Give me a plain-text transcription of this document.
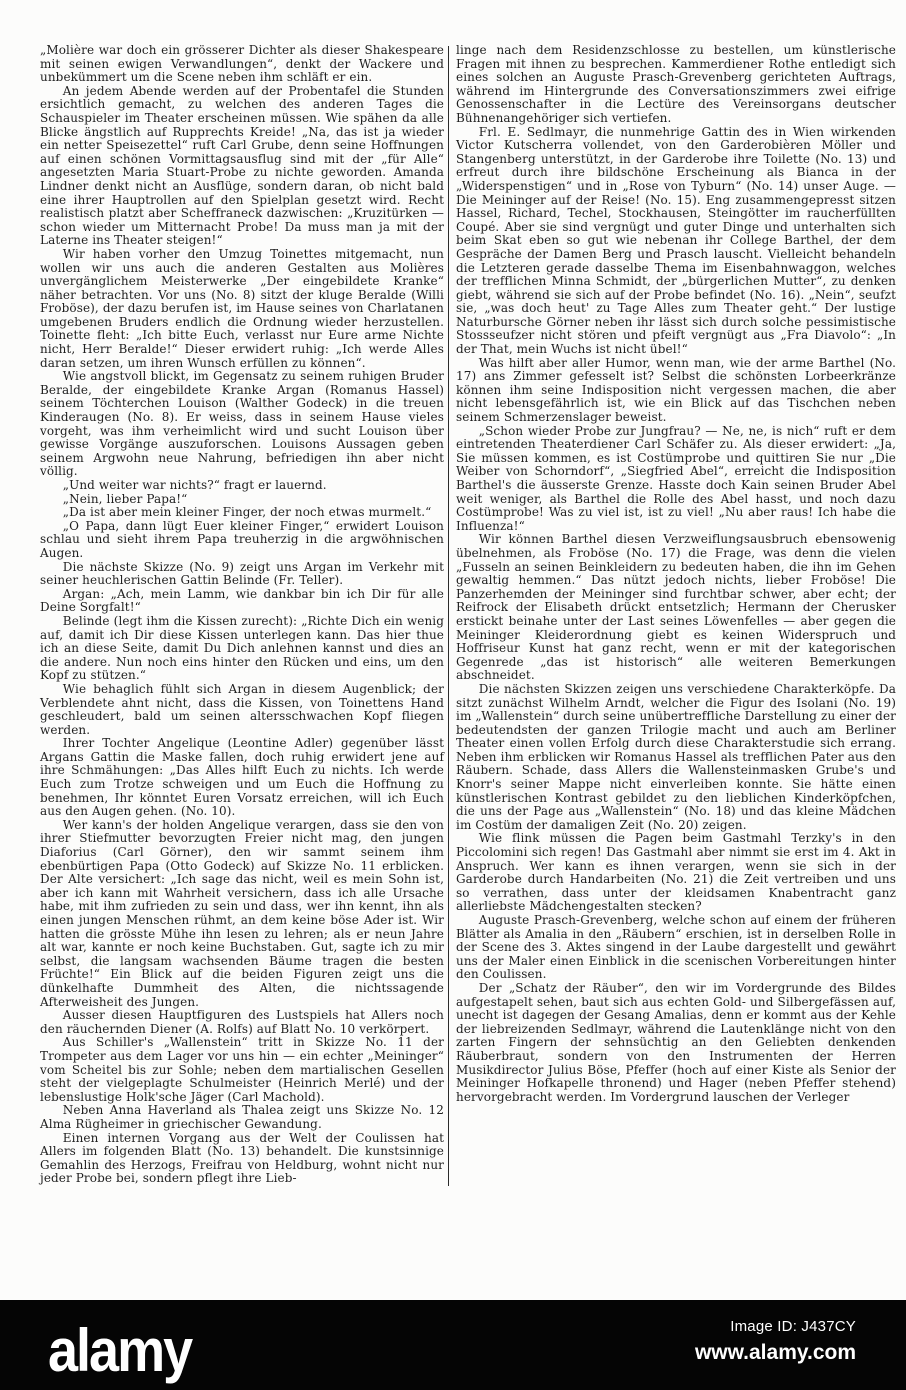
„Molière war doch ein grösserer Dichter als dieser Shakespeare mit seinen ewigen Verwandlungen“, denkt der Wackere und unbekümmert um die Scene neben ihm schläft er ein.

An jedem Abende werden auf der Probentafel die Stunden ersichtlich gemacht, zu welchen des anderen Tages die Schauspieler im Theater erscheinen müssen. Wie spähen da alle Blicke ängstlich auf Rupprechts Kreide! „Na, das ist ja wieder ein netter Speisezettel“ ruft Carl Grube, denn seine Hoffnungen auf einen schönen Vormittagsausflug sind mit der „für Alle“ angesetzten Maria Stuart-Probe zu nichte geworden. Amanda Lindner denkt nicht an Ausflüge, sondern daran, ob nicht bald eine ihrer Hauptrollen auf den Spielplan gesetzt wird. Recht realistisch platzt aber Scheffraneck dazwischen: „Kruzitürken — schon wieder um Mitternacht Probe! Da muss man ja mit der Laterne ins Theater steigen!“

Wir haben vorher den Umzug Toinettes mitgemacht, nun wollen wir uns auch die anderen Gestalten aus Molières unvergänglichem Meisterwerke „Der eingebildete Kranke“ näher betrachten. Vor uns (No. 8) sitzt der kluge Beralde (Willi Froböse), der dazu berufen ist, im Hause seines von Charlatanen umgebenen Bruders endlich die Ordnung wieder herzustellen. Toinette fleht: „Ich bitte Euch, verlasst nur Eure arme Nichte nicht, Herr Beralde!“ Dieser erwidert ruhig: „Ich werde Alles daran setzen, um ihren Wunsch erfüllen zu können“.

Wie angstvoll blickt, im Gegensatz zu seinem ruhigen Bruder Beralde, der eingebildete Kranke Argan (Romanus Hassel) seinem Töchterchen Louison (Walther Godeck) in die treuen Kinderaugen (No. 8). Er weiss, dass in seinem Hause vieles vorgeht, was ihm verheimlicht wird und sucht Louison über gewisse Vorgänge auszuforschen. Louisons Aussagen geben seinem Argwohn neue Nahrung, befriedigen ihn aber nicht völlig.

„Und weiter war nichts?“ fragt er lauernd.

„Nein, lieber Papa!“

„Da ist aber mein kleiner Finger, der noch etwas murmelt.“

„O Papa, dann lügt Euer kleiner Finger,“ erwidert Louison schlau und sieht ihrem Papa treuherzig in die argwöhnischen Augen.

Die nächste Skizze (No. 9) zeigt uns Argan im Verkehr mit seiner heuchlerischen Gattin Belinde (Fr. Teller).

Argan: „Ach, mein Lamm, wie dankbar bin ich Dir für alle Deine Sorgfalt!“

Belinde (legt ihm die Kissen zurecht): „Richte Dich ein wenig auf, damit ich Dir diese Kissen unterlegen kann. Das hier thue ich an diese Seite, damit Du Dich anlehnen kannst und dies an die andere. Nun noch eins hinter den Rücken und eins, um den Kopf zu stützen.“

Wie behaglich fühlt sich Argan in diesem Augenblick; der Verblendete ahnt nicht, dass die Kissen, von Toinettens Hand geschleudert, bald um seinen altersschwachen Kopf fliegen werden.

Ihrer Tochter Angelique (Leontine Adler) gegenüber lässt Argans Gattin die Maske fallen, doch ruhig erwidert jene auf ihre Schmähungen: „Das Alles hilft Euch zu nichts. Ich werde Euch zum Trotze schweigen und um Euch die Hoffnung zu benehmen, Ihr könntet Euren Vorsatz erreichen, will ich Euch aus den Augen gehen. (No. 10).

Wer kann's der holden Angelique verargen, dass sie den von ihrer Stiefmutter bevorzugten Freier nicht mag, den jungen Diaforius (Carl Görner), den wir sammt seinem ihm ebenbürtigen Papa (Otto Godeck) auf Skizze No. 11 erblicken. Der Alte versichert: „Ich sage das nicht, weil es mein Sohn ist, aber ich kann mit Wahrheit versichern, dass ich alle Ursache habe, mit ihm zufrieden zu sein und dass, wer ihn kennt, ihn als einen jungen Menschen rühmt, an dem keine böse Ader ist. Wir hatten die grösste Mühe ihn lesen zu lehren; als er neun Jahre alt war, kannte er noch keine Buchstaben. Gut, sagte ich zu mir selbst, die langsam wachsenden Bäume tragen die besten Früchte!“ Ein Blick auf die beiden Figuren zeigt uns die dünkelhafte Dummheit des Alten, die nichtssagende Afterweisheit des Jungen.

Ausser diesen Hauptfiguren des Lustspiels hat Allers noch den räuchernden Diener (A. Rolfs) auf Blatt No. 10 verkörpert.

Aus Schiller's „Wallenstein“ tritt in Skizze No. 11 der Trompeter aus dem Lager vor uns hin — ein echter „Meininger“ vom Scheitel bis zur Sohle; neben dem martialischen Gesellen steht der vielgeplagte Schulmeister (Heinrich Merlé) und der lebenslustige Holk'sche Jäger (Carl Machold).

Neben Anna Haverland als Thalea zeigt uns Skizze No. 12 Alma Rügheimer in griechischer Gewandung.

Einen internen Vorgang aus der Welt der Coulissen hat Allers im folgenden Blatt (No. 13) behandelt. Die kunstsinnige Gemahlin des Herzogs, Freifrau von Heldburg, wohnt nicht nur jeder Probe bei, sondern pflegt ihre Lieb-

linge nach dem Residenzschlosse zu bestellen, um künstlerische Fragen mit ihnen zu besprechen. Kammerdiener Rothe entledigt sich eines solchen an Auguste Prasch-Grevenberg gerichteten Auftrags, während im Hintergrunde des Conversationszimmers zwei eifrige Genossenschafter in die Lectüre des Vereinsorgans deutscher Bühnenangehöriger sich vertiefen.

Frl. E. Sedlmayr, die nunmehrige Gattin des in Wien wirkenden Victor Kutscherra vollendet, von den Garderobièren Möller und Stangenberg unterstützt, in der Garderobe ihre Toilette (No. 13) und erfreut durch ihre bildschöne Erscheinung als Bianca in der „Widerspenstigen“ und in „Rose von Tyburn“ (No. 14) unser Auge. — Die Meininger auf der Reise! (No. 15). Eng zusammengepresst sitzen Hassel, Richard, Techel, Stockhausen, Steingötter im raucherfüllten Coupé. Aber sie sind vergnügt und guter Dinge und unterhalten sich beim Skat eben so gut wie nebenan ihr College Barthel, der dem Gespräche der Damen Berg und Prasch lauscht. Vielleicht behandeln die Letzteren gerade dasselbe Thema im Eisenbahnwaggon, welches der trefflichen Minna Schmidt, der „bürgerlichen Mutter“, zu denken giebt, während sie sich auf der Probe befindet (No. 16). „Nein“, seufzt sie, „was doch heut' zu Tage Alles zum Theater geht.“ Der lustige Naturbursche Görner neben ihr lässt sich durch solche pessimistische Stossseufzer nicht stören und pfeift vergnügt aus „Fra Diavolo“: „In der That, mein Wuchs ist nicht übel!“

Was hilft aber aller Humor, wenn man, wie der arme Barthel (No. 17) ans Zimmer gefesselt ist? Selbst die schönsten Lorbeerkränze können ihm seine Indisposition nicht vergessen machen, die aber nicht lebensgefährlich ist, wie ein Blick auf das Tischchen neben seinem Schmerzenslager beweist.

„Schon wieder Probe zur Jungfrau? — Ne, ne, is nich“ ruft er dem eintretenden Theaterdiener Carl Schäfer zu. Als dieser erwidert: „Ja, Sie müssen kommen, es ist Costümprobe und quittiren Sie nur „Die Weiber von Schorndorf“, „Siegfried Abel“, erreicht die Indisposition Barthel's die äusserste Grenze. Hasste doch Kain seinen Bruder Abel weit weniger, als Barthel die Rolle des Abel hasst, und noch dazu Costümprobe! Was zu viel ist, ist zu viel! „Nu aber raus! Ich habe die Influenza!“

Wir können Barthel diesen Verzweiflungsausbruch ebensowenig übelnehmen, als Froböse (No. 17) die Frage, was denn die vielen „Fusseln an seinen Beinkleidern zu bedeuten haben, die ihn im Gehen gewaltig hemmen.“ Das nützt jedoch nichts, lieber Froböse! Die Panzerhemden der Meininger sind furchtbar schwer, aber echt; der Reifrock der Elisabeth drückt entsetzlich; Hermann der Cherusker erstickt beinahe unter der Last seines Löwenfelles — aber gegen die Meininger Kleiderordnung giebt es keinen Widerspruch und Hoffriseur Kunst hat ganz recht, wenn er mit der kategorischen Gegenrede „das ist historisch“ alle weiteren Bemerkungen abschneidet.

Die nächsten Skizzen zeigen uns verschiedene Charakterköpfe. Da sitzt zunächst Wilhelm Arndt, welcher die Figur des Isolani (No. 19) im „Wallenstein“ durch seine unübertreffliche Darstellung zu einer der bedeutendsten der ganzen Trilogie macht und auch am Berliner Theater einen vollen Erfolg durch diese Charakterstudie sich errang. Neben ihm erblicken wir Romanus Hassel als trefflichen Pater aus den Räubern. Schade, dass Allers die Wallensteinmasken Grube's und Knorr's seiner Mappe nicht einverleiben konnte. Sie hätte einen künstlerischen Kontrast gebildet zu den lieblichen Kinderköpfchen, die uns der Page aus „Wallenstein“ (No. 18) und das kleine Mädchen im Costüm der damaligen Zeit (No. 20) zeigen.

Wie flink müssen die Pagen beim Gastmahl Terzky's in den Piccolomini sich regen! Das Gastmahl aber nimmt sie erst im 4. Akt in Anspruch. Wer kann es ihnen verargen, wenn sie sich in der Garderobe durch Handarbeiten (No. 21) die Zeit vertreiben und uns so verrathen, dass unter der kleidsamen Knabentracht ganz allerliebste Mädchengestalten stecken?

Auguste Prasch-Grevenberg, welche schon auf einem der früheren Blätter als Amalia in den „Räubern“ erschien, ist in derselben Rolle in der Scene des 3. Aktes singend in der Laube dargestellt und gewährt uns der Maler einen Einblick in die scenischen Vorbereitungen hinter den Coulissen.

Der „Schatz der Räuber“, den wir im Vordergrunde des Bildes aufgestapelt sehen, baut sich aus echten Gold- und Silbergefässen auf, unecht ist dagegen der Gesang Amalias, denn er kommt aus der Kehle der liebreizenden Sedlmayr, während die Lautenklänge nicht von den zarten Fingern der sehnsüchtig an den Geliebten denkenden Räuberbraut, sondern von den Instrumenten der Herren Musikdirector Julius Böse, Pfeffer (hoch auf einer Kiste als Senior der Meininger Hofkapelle thronend) und Hager (neben Pfeffer stehend) hervorgebracht werden. Im Vordergrund lauschen der Verleger

alamy	Image ID: J437CY
www.alamy.com
